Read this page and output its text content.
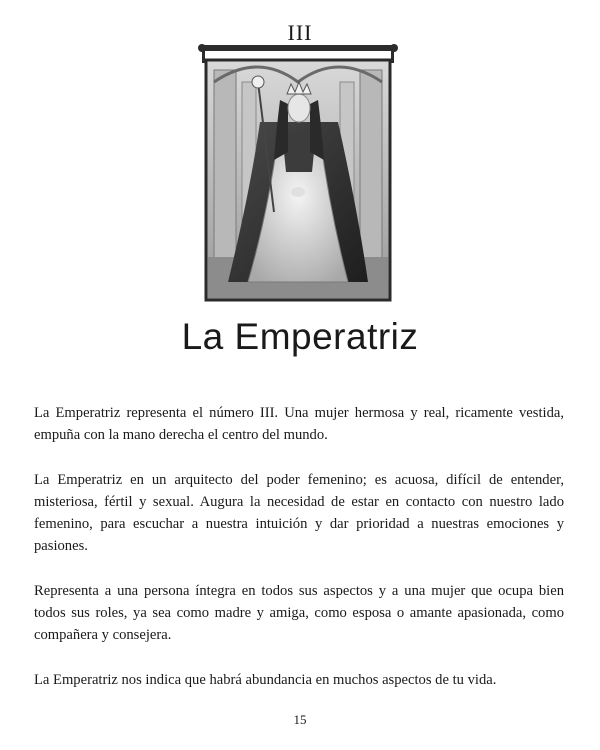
III
La Emperatriz

La Emperatriz representa el número III. Una mujer hermosa y real, ricamente vestida, empuña con la mano derecha el centro del mundo.

La Emperatriz en un arquitecto del poder femenino; es acuosa, difícil de entender, misteriosa, fértil y sexual. Augura la necesidad de estar en contacto con nuestro lado femenino, para escuchar a nuestra intuición y dar prioridad a nuestras emociones y pasiones.

Representa a una persona íntegra en todos sus aspectos y a una mujer que ocupa bien todos sus roles, ya sea como madre y amiga, como esposa o amante apasionada, como compañera y consejera.

La Emperatriz nos indica que habrá abundancia en muchos aspectos de tu vida.

15
